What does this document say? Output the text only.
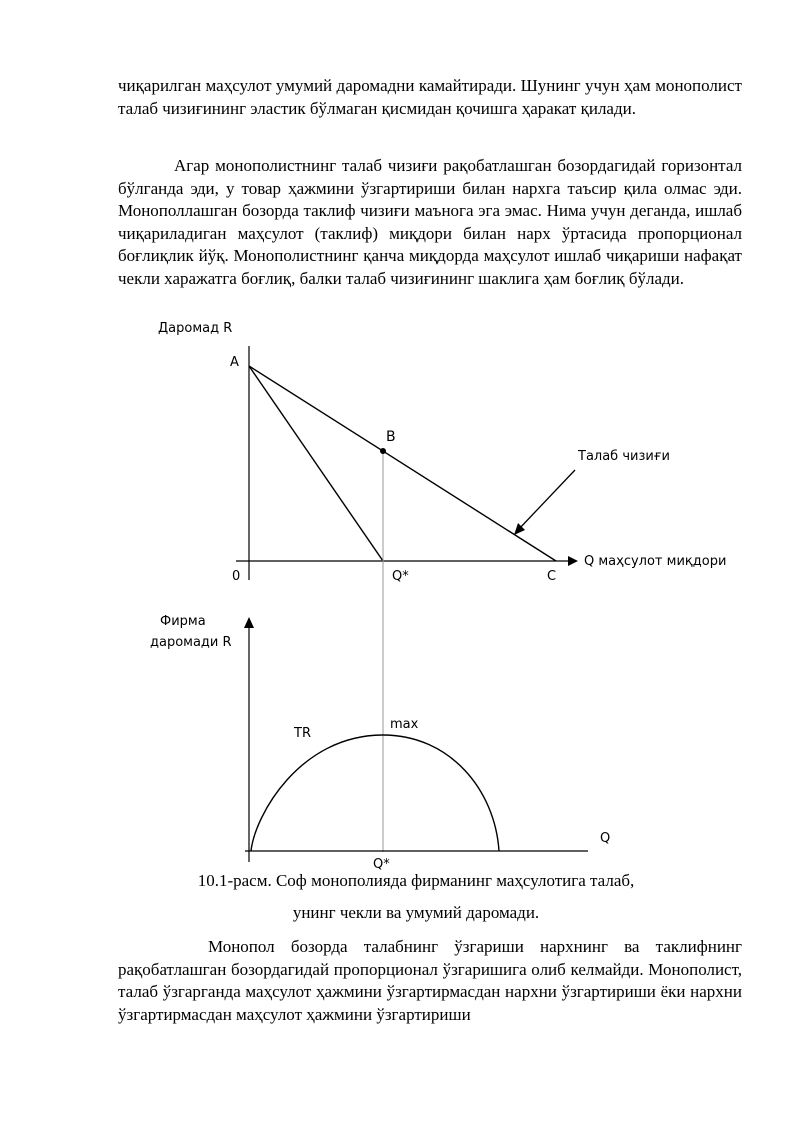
чиқарилган маҳсулот умумий даромадни камайтиради. Шунинг учун ҳам монополист талаб чизиғининг эластик бўлмаган қисмидан қочишга ҳаракат қилади.

Агар монополистнинг талаб чизиғи рақобатлашган бозордагидай горизонтал бўлганда эди, у товар ҳажмини ўзгартириши билан нархга таъсир қила олмас эди. Монополлашган бозорда таклиф чизиғи маънога эга эмас. Нима учун деганда, ишлаб чиқариладиган маҳсулот (таклиф) миқдори билан нарх ўртасида пропорционал боғлиқлик йўқ. Монополистнинг қанча миқдорда маҳсулот ишлаб чиқариши нафақат чекли харажатга боғлиқ, балки талаб чизиғининг шаклига ҳам боғлиқ бўлади.

Даромад R
A
B
Талаб чизиғи
Q маҳсулот миқдори
0	Q*	C
Фирма
даромади R
TR
max
Q
Q*

10.1-расм. Соф монополияда фирманинг маҳсулотига талаб,

унинг чекли ва умумий даромади.

Монопол бозорда талабнинг ўзгариши нархнинг ва таклифнинг рақобатлашган бозордагидай пропорционал ўзгаришига олиб келмайди. Монополист, талаб ўзгарганда маҳсулот ҳажмини ўзгартирмасдан нархни ўзгартириши ёки нархни ўзгартирмасдан маҳсулот ҳажмини ўзгартириши
